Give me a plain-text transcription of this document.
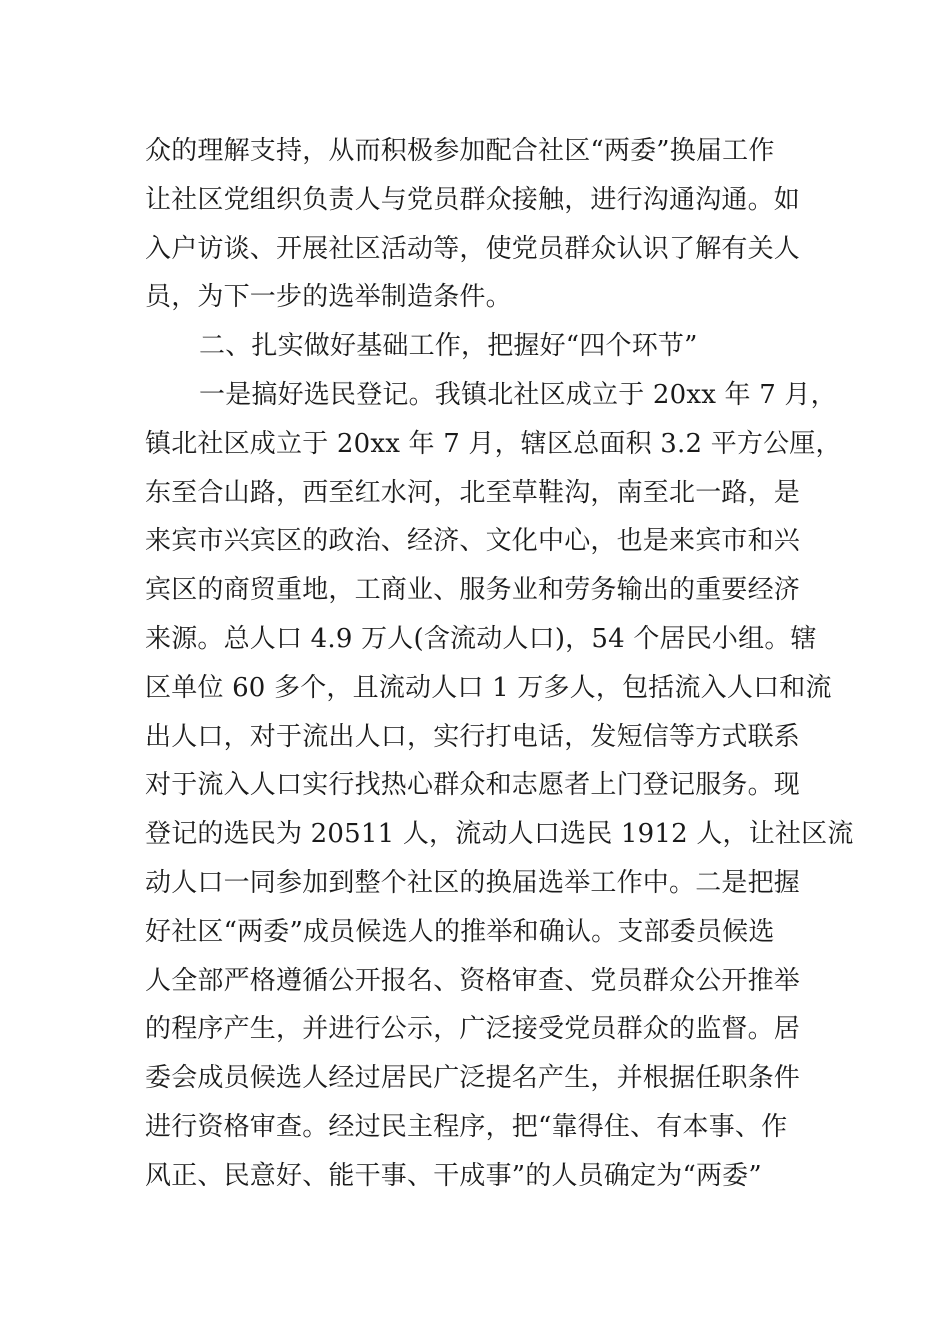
众的理解支持，从而积极参加配合社区“两委”换届工作
让社区党组织负责人与党员群众接触，进行沟通沟通。如
入户访谈、开展社区活动等，使党员群众认识了解有关人
员，为下一步的选举制造条件。
二、扎实做好基础工作，把握好“四个环节”
一是搞好选民登记。我镇北社区成立于 20xx 年 7 月，
镇北社区成立于 20xx 年 7 月，辖区总面积 3.2 平方公厘，
东至合山路，西至红水河，北至草鞋沟，南至北一路，是
来宾市兴宾区的政治、经济、文化中心，也是来宾市和兴
宾区的商贸重地，工商业、服务业和劳务输出的重要经济
来源。总人口 4.9 万人(含流动人口)，54 个居民小组。辖
区单位 60 多个，且流动人口 1 万多人，包括流入人口和流
出人口，对于流出人口，实行打电话，发短信等方式联系
对于流入人口实行找热心群众和志愿者上门登记服务。现
登记的选民为 20511 人，流动人口选民 1912 人，让社区流
动人口一同参加到整个社区的换届选举工作中。二是把握
好社区“两委”成员候选人的推举和确认。支部委员候选
人全部严格遵循公开报名、资格审查、党员群众公开推举
的程序产生，并进行公示，广泛接受党员群众的监督。居
委会成员候选人经过居民广泛提名产生，并根据任职条件
进行资格审查。经过民主程序，把“靠得住、有本事、作
风正、民意好、能干事、干成事”的人员确定为“两委”
